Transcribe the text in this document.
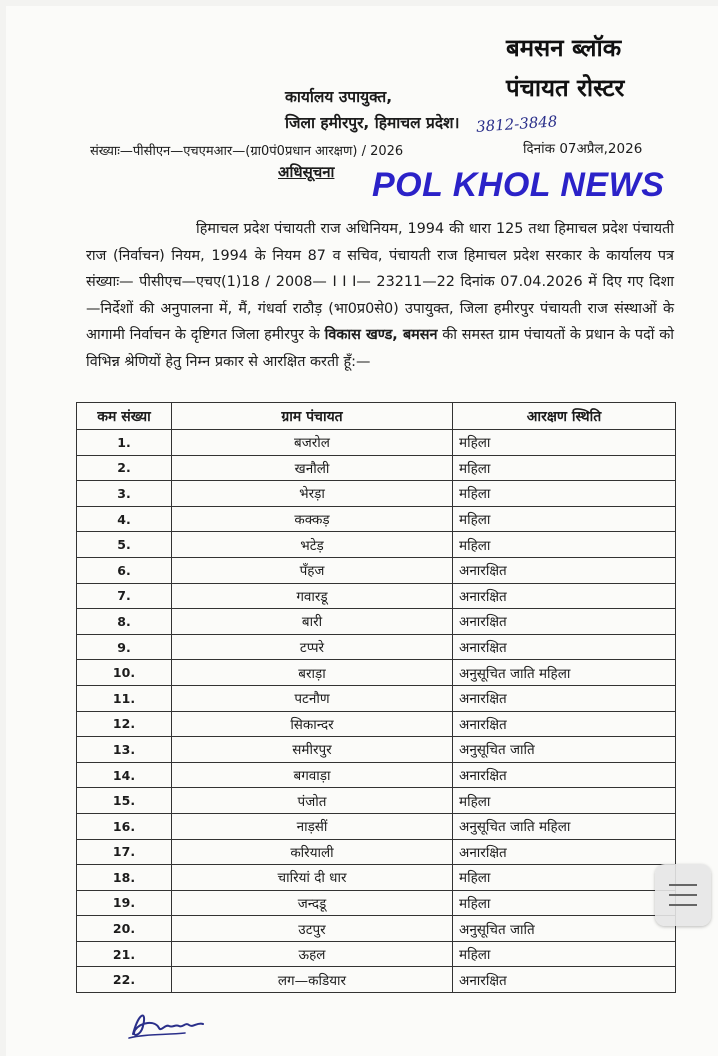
बमसन ब्लॉक
पंचायत रोस्टर
कार्यालय उपायुक्त,
जिला हमीरपुर, हिमाचल प्रदेश। 3812-3848
संख्याः—पीसीएन—एचएमआर—(ग्रा0पं0प्रधान आरक्षण) / 2026	दिनांक 07अप्रैल,2026
अधिसूचना POL KHOL NEWS
हिमाचल प्रदेश पंचायती राज अधिनियम, 1994 की धारा 125 तथा हिमाचल प्रदेश पंचायती राज (निर्वाचन) नियम, 1994 के नियम 87 व सचिव, पंचायती राज हिमाचल प्रदेश सरकार के कार्यालय पत्र संख्याः— पीसीएच—एचए(1)18 / 2008— I I I— 23211—22 दिनांक 07.04.2026 में दिए गए दिशा—निर्देशों की अनुपालना में, मैं, गंधर्वा राठौड़ (भा0प्र0से0) उपायुक्त, जिला हमीरपुर पंचायती राज संस्थाओं के आगामी निर्वाचन के दृष्टिगत जिला हमीरपुर के विकास खण्ड, बमसन की समस्त ग्राम पंचायतों के प्रधान के पदों को विभिन्न श्रेणियों हेतु निम्न प्रकार से आरक्षित करती हूँ:—
कम संख्या	ग्राम पंचायत	आरक्षण स्थिति
1.	बजरोल	महिला
2.	खनौली	महिला
3.	भेरड़ा	महिला
4.	कक्कड़	महिला
5.	भटेड़	महिला
6.	पँहज	अनारक्षित
7.	गवारडू	अनारक्षित
8.	बारी	अनारक्षित
9.	टप्परे	अनारक्षित
10.	बराड़ा	अनुसूचित जाति महिला
11.	पटनौण	अनारक्षित
12.	सिकान्दर	अनारक्षित
13.	समीरपुर	अनुसूचित जाति
14.	बगवाड़ा	अनारक्षित
15.	पंजोत	महिला
16.	नाड़सीं	अनुसूचित जाति महिला
17.	करियाली	अनारक्षित
18.	चारियां दी धार	महिला
19.	जन्दडू	महिला
20.	उटपुर	अनुसूचित जाति
21.	ऊहल	महिला
22.	लग—कडियार	अनारक्षित
